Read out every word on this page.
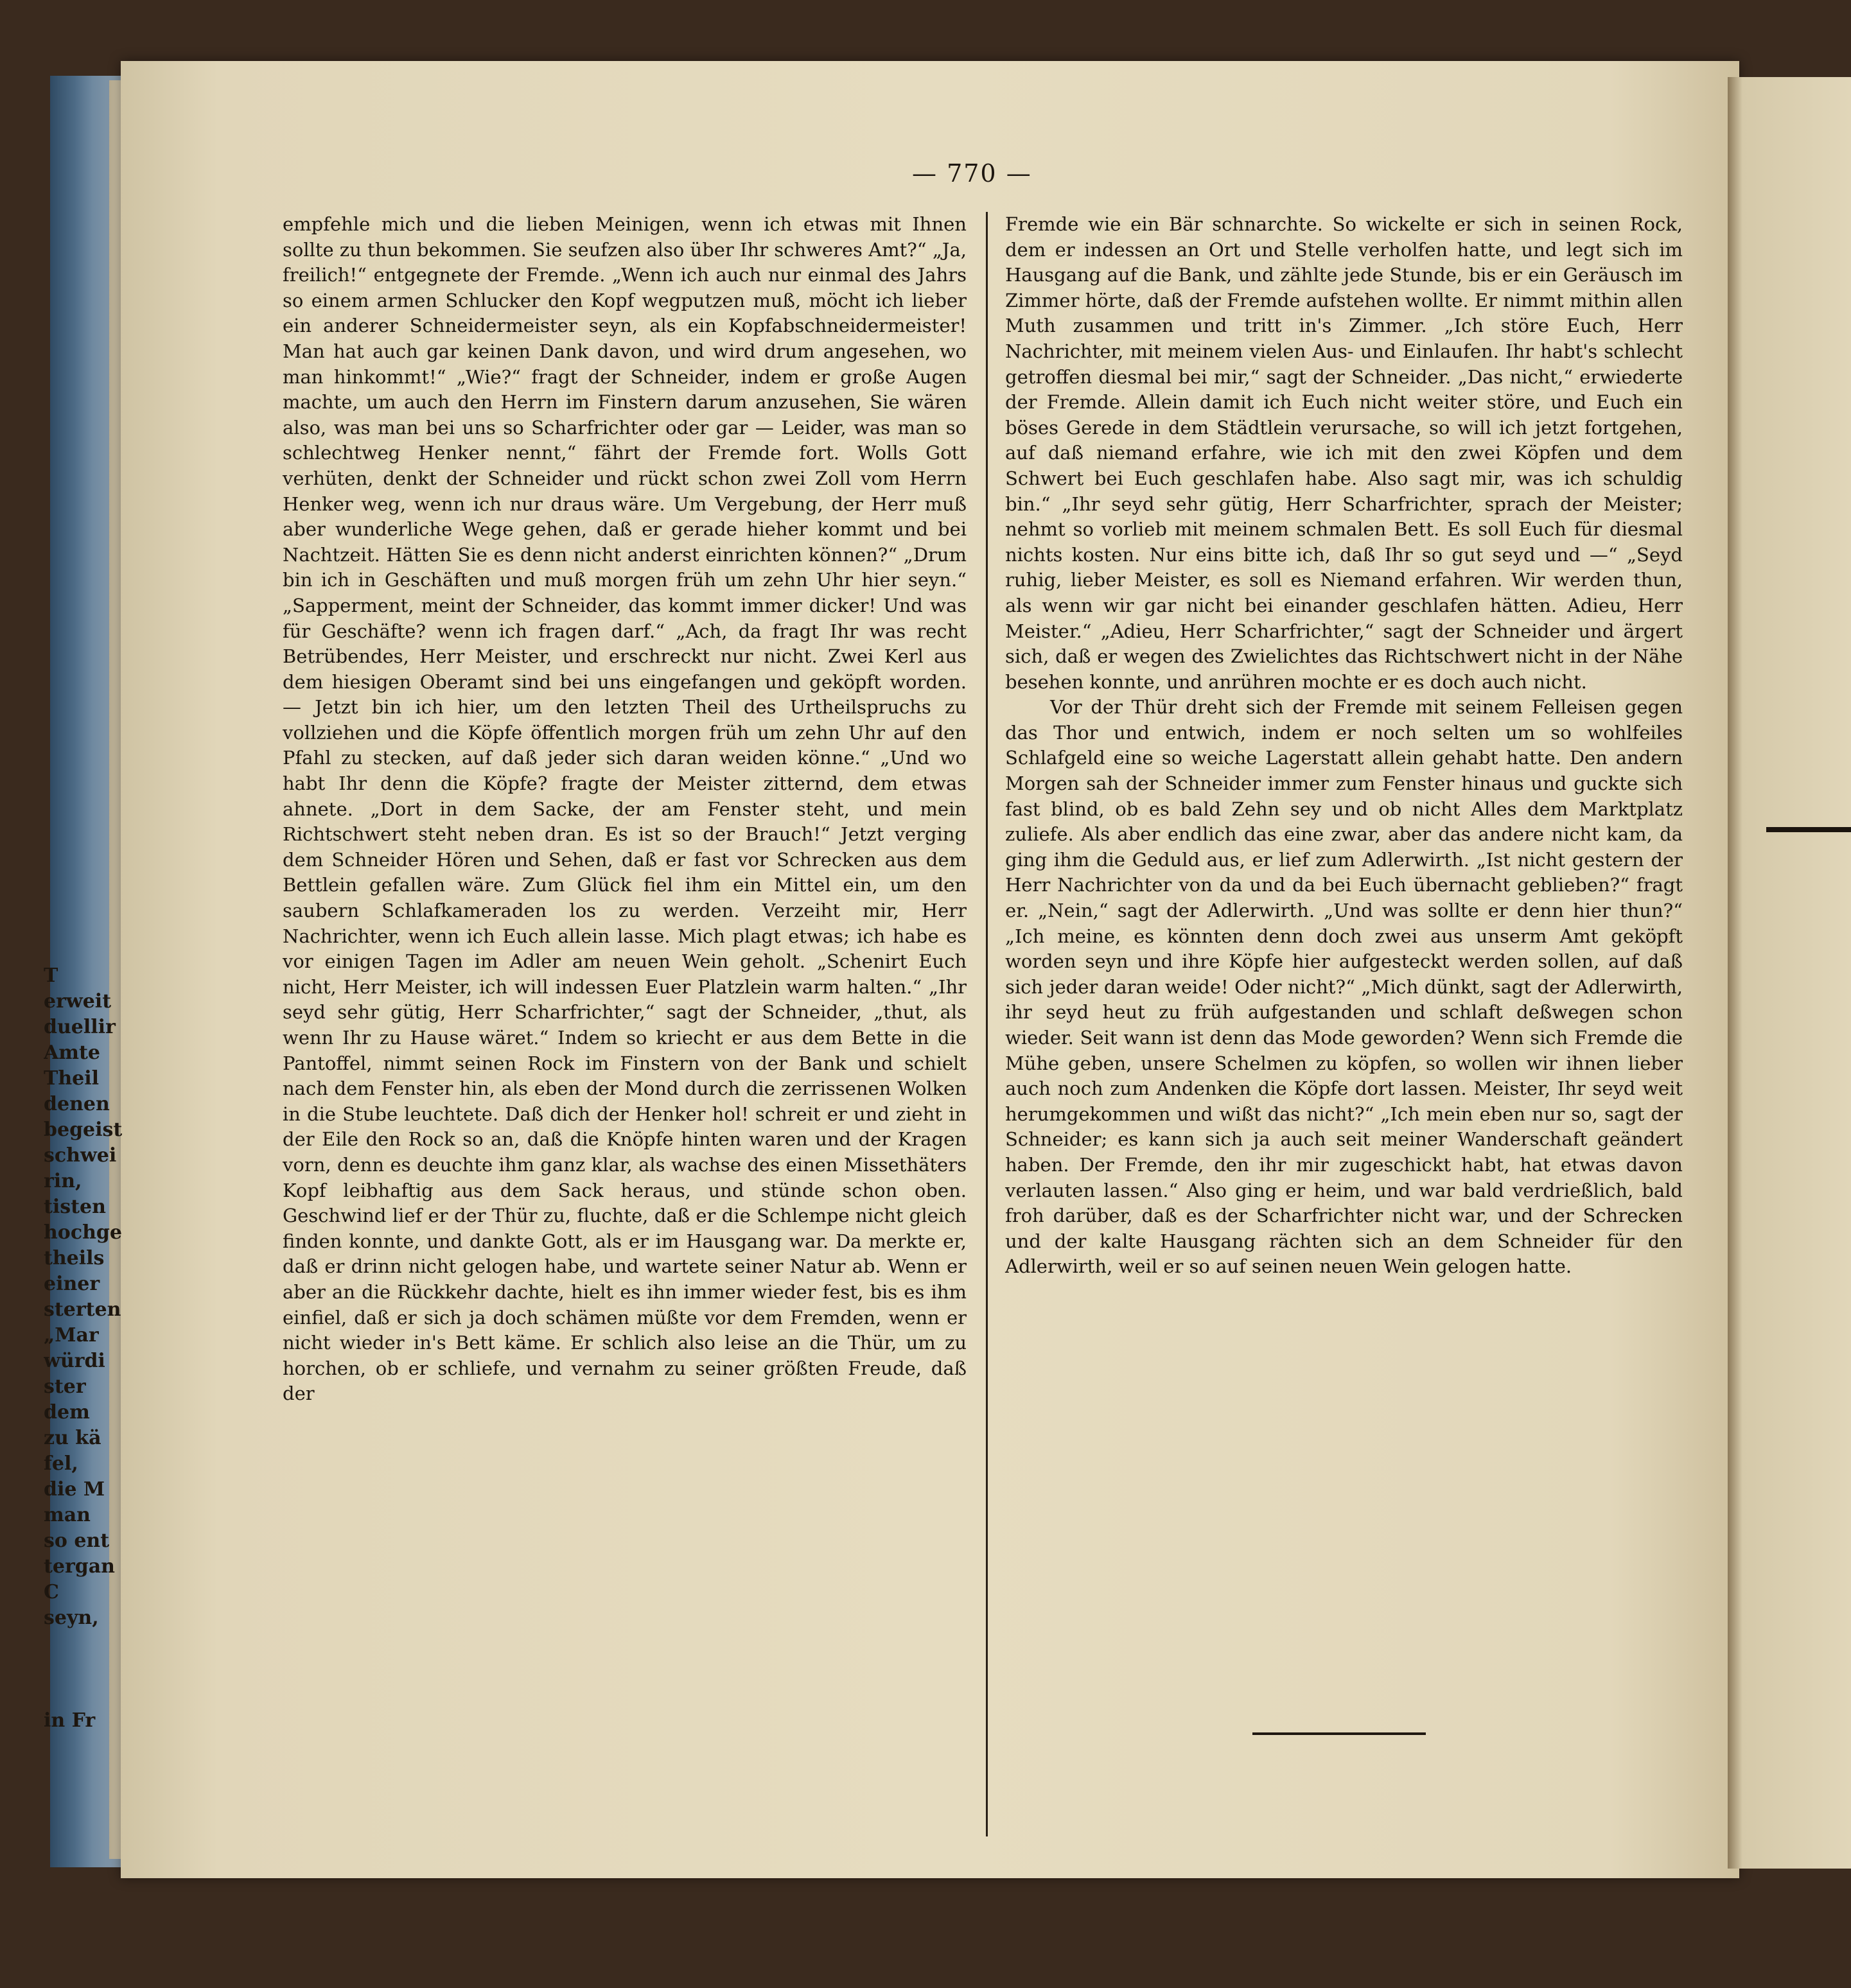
— 770 —
empfehle mich und die lieben Meinigen, wenn ich etwas mit Ihnen sollte zu thun bekommen. Sie seufzen also über Ihr schweres Amt?“ „Ja, freilich!“ entgegnete der Fremde. „Wenn ich auch nur einmal des Jahrs so einem armen Schlucker den Kopf wegputzen muß, möcht ich lieber ein anderer Schneidermeister seyn, als ein Kopfabschneidermeister! Man hat auch gar keinen Dank davon, und wird drum angesehen, wo man hinkommt!“ „Wie?“ fragt der Schneider, indem er große Augen machte, um auch den Herrn im Finstern darum anzusehen, Sie wären also, was man bei uns so Scharfrichter oder gar — Leider, was man so schlechtweg Henker nennt,“ fährt der Fremde fort. Wolls Gott verhüten, denkt der Schneider und rückt schon zwei Zoll vom Herrn Henker weg, wenn ich nur draus wäre. Um Vergebung, der Herr muß aber wunderliche Wege gehen, daß er gerade hieher kommt und bei Nachtzeit. Hätten Sie es denn nicht anderst einrichten können?“ „Drum bin ich in Geschäften und muß morgen früh um zehn Uhr hier seyn.“ „Sapperment, meint der Schneider, das kommt immer dicker! Und was für Geschäfte? wenn ich fragen darf.“ „Ach, da fragt Ihr was recht Betrübendes, Herr Meister, und erschreckt nur nicht. Zwei Kerl aus dem hiesigen Oberamt sind bei uns eingefangen und geköpft worden. — Jetzt bin ich hier, um den letzten Theil des Urtheilspruchs zu vollziehen und die Köpfe öffentlich morgen früh um zehn Uhr auf den Pfahl zu stecken, auf daß jeder sich daran weiden könne.“ „Und wo habt Ihr denn die Köpfe? fragte der Meister zitternd, dem etwas ahnete. „Dort in dem Sacke, der am Fenster steht, und mein Richtschwert steht neben dran. Es ist so der Brauch!“ Jetzt verging dem Schneider Hören und Sehen, daß er fast vor Schrecken aus dem Bettlein gefallen wäre. Zum Glück fiel ihm ein Mittel ein, um den saubern Schlafkameraden los zu werden. Verzeiht mir, Herr Nachrichter, wenn ich Euch allein lasse. Mich plagt etwas; ich habe es vor einigen Tagen im Adler am neuen Wein geholt. „Schenirt Euch nicht, Herr Meister, ich will indessen Euer Platzlein warm halten.“ „Ihr seyd sehr gütig, Herr Scharfrichter,“ sagt der Schneider, „thut, als wenn Ihr zu Hause wäret.“ Indem so kriecht er aus dem Bette in die Pantoffel, nimmt seinen Rock im Finstern von der Bank und schielt nach dem Fenster hin, als eben der Mond durch die zerrissenen Wolken in die Stube leuchtete. Daß dich der Henker hol! schreit er und zieht in der Eile den Rock so an, daß die Knöpfe hinten waren und der Kragen vorn, denn es deuchte ihm ganz klar, als wachse des einen Missethäters Kopf leibhaftig aus dem Sack heraus, und stünde schon oben. Geschwind lief er der Thür zu, fluchte, daß er die Schlempe nicht gleich finden konnte, und dankte Gott, als er im Hausgang war. Da merkte er, daß er drinn nicht gelogen habe, und wartete seiner Natur ab. Wenn er aber an die Rückkehr dachte, hielt es ihn immer wieder fest, bis es ihm einfiel, daß er sich ja doch schämen müßte vor dem Fremden, wenn er nicht wieder in's Bett käme. Er schlich also leise an die Thür, um zu horchen, ob er schliefe, und vernahm zu seiner größten Freude, daß der

Fremde wie ein Bär schnarchte. So wickelte er sich in seinen Rock, dem er indessen an Ort und Stelle verholfen hatte, und legt sich im Hausgang auf die Bank, und zählte jede Stunde, bis er ein Geräusch im Zimmer hörte, daß der Fremde aufstehen wollte. Er nimmt mithin allen Muth zusammen und tritt in's Zimmer. „Ich störe Euch, Herr Nachrichter, mit meinem vielen Aus- und Einlaufen. Ihr habt's schlecht getroffen diesmal bei mir,“ sagt der Schneider. „Das nicht,“ erwiederte der Fremde. Allein damit ich Euch nicht weiter störe, und Euch ein böses Gerede in dem Städtlein verursache, so will ich jetzt fortgehen, auf daß niemand erfahre, wie ich mit den zwei Köpfen und dem Schwert bei Euch geschlafen habe. Also sagt mir, was ich schuldig bin.“ „Ihr seyd sehr gütig, Herr Scharfrichter, sprach der Meister; nehmt so vorlieb mit meinem schmalen Bett. Es soll Euch für diesmal nichts kosten. Nur eins bitte ich, daß Ihr so gut seyd und —“ „Seyd ruhig, lieber Meister, es soll es Niemand erfahren. Wir werden thun, als wenn wir gar nicht bei einander geschlafen hätten. Adieu, Herr Meister.“ „Adieu, Herr Scharfrichter,“ sagt der Schneider und ärgert sich, daß er wegen des Zwielichtes das Richtschwert nicht in der Nähe besehen konnte, und anrühren mochte er es doch auch nicht.

Vor der Thür dreht sich der Fremde mit seinem Felleisen gegen das Thor und entwich, indem er noch selten um so wohlfeiles Schlafgeld eine so weiche Lagerstatt allein gehabt hatte. Den andern Morgen sah der Schneider immer zum Fenster hinaus und guckte sich fast blind, ob es bald Zehn sey und ob nicht Alles dem Marktplatz zuliefe. Als aber endlich das eine zwar, aber das andere nicht kam, da ging ihm die Geduld aus, er lief zum Adlerwirth. „Ist nicht gestern der Herr Nachrichter von da und da bei Euch übernacht geblieben?“ fragt er. „Nein,“ sagt der Adlerwirth. „Und was sollte er denn hier thun?“ „Ich meine, es könnten denn doch zwei aus unserm Amt geköpft worden seyn und ihre Köpfe hier aufgesteckt werden sollen, auf daß sich jeder daran weide! Oder nicht?“ „Mich dünkt, sagt der Adlerwirth, ihr seyd heut zu früh aufgestanden und schlaft deßwegen schon wieder. Seit wann ist denn das Mode geworden? Wenn sich Fremde die Mühe geben, unsere Schelmen zu köpfen, so wollen wir ihnen lieber auch noch zum Andenken die Köpfe dort lassen. Meister, Ihr seyd weit herumgekommen und wißt das nicht?“ „Ich mein eben nur so, sagt der Schneider; es kann sich ja auch seit meiner Wanderschaft geändert haben. Der Fremde, den ihr mir zugeschickt habt, hat etwas davon verlauten lassen.“ Also ging er heim, und war bald verdrießlich, bald froh darüber, daß es der Scharfrichter nicht war, und der Schrecken und der kalte Hausgang rächten sich an dem Schneider für den Adlerwirth, weil er so auf seinen neuen Wein gelogen hatte.

T
erweit
duellir
Amte
Theil
denen
begeist
schwei
rin,
tisten
hochge
theils
einer
sterten
„Mar
würdi
ster
dem
zu kä
fel,
die M
man
so ent
tergan
C
seyn,
in Fr
